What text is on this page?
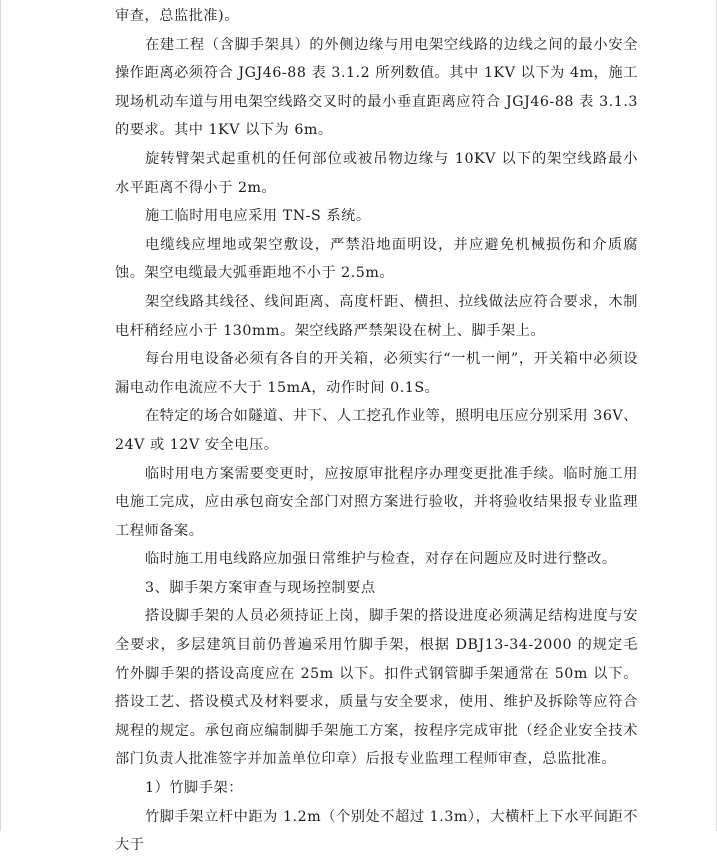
审查，总监批准)。

在建工程（含脚手架具）的外侧边缘与用电架空线路的边线之间的最小安全操作距离必须符合 JGJ46-88 表 3.1.2 所列数值。其中 1KV 以下为 4m，施工现场机动车道与用电架空线路交叉时的最小垂直距离应符合 JGJ46-88 表 3.1.3 的要求。其中 1KV 以下为 6m。

旋转臂架式起重机的任何部位或被吊物边缘与 10KV 以下的架空线路最小水平距离不得小于 2m。

施工临时用电应采用 TN-S 系统。

电缆线应埋地或架空敷设，严禁沿地面明设，并应避免机械损伤和介质腐蚀。架空电缆最大弧垂距地不小于 2.5m。

架空线路其线径、线间距离、高度杆距、横担、拉线做法应符合要求，木制电杆稍经应小于 130mm。架空线路严禁架设在树上、脚手架上。

每台用电设备必须有各自的开关箱，必须实行“一机一闸”，开关箱中必须设漏电动作电流应不大于 15mA，动作时间 0.1S。

在特定的场合如隧道、井下、人工挖孔作业等，照明电压应分别采用 36V、24V 或 12V 安全电压。

临时用电方案需要变更时，应按原审批程序办理变更批准手续。临时施工用电施工完成，应由承包商安全部门对照方案进行验收，并将验收结果报专业监理工程师备案。

临时施工用电线路应加强日常维护与检查，对存在问题应及时进行整改。

3、脚手架方案审查与现场控制要点

搭设脚手架的人员必须持证上岗，脚手架的搭设进度必须满足结构进度与安全要求，多层建筑目前仍普遍采用竹脚手架，根据 DBJ13-34-2000 的规定毛竹外脚手架的搭设高度应在 25m 以下。扣件式钢管脚手架通常在 50m 以下。搭设工艺、搭设模式及材料要求，质量与安全要求，使用、维护及拆除等应符合规程的规定。承包商应编制脚手架施工方案，按程序完成审批（经企业安全技术部门负责人批准签字并加盖单位印章）后报专业监理工程师审查，总监批准。

1）竹脚手架：

竹脚手架立杆中距为 1.2m（个别处不超过 1.3m），大横杆上下水平间距不大于
